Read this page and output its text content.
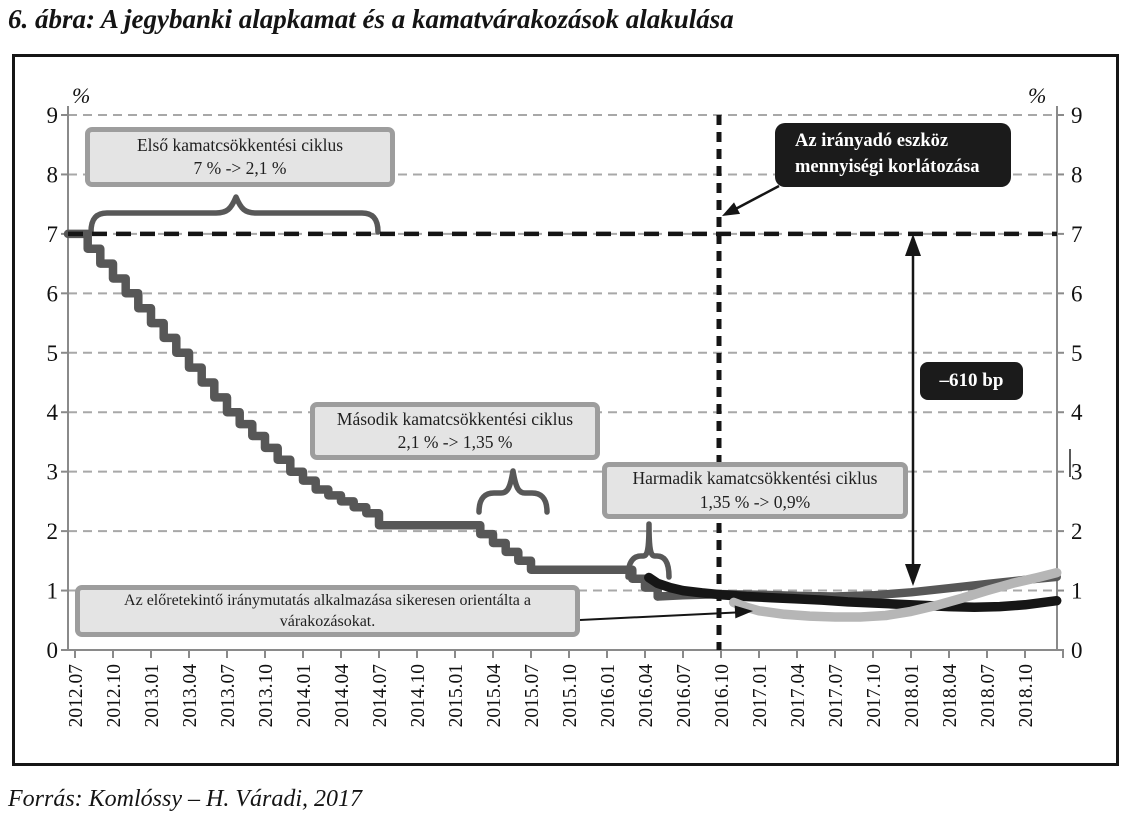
6. ábra: A jegybanki alapkamat és a kamatvárakozások alakulása
0	0
1	1
2	2
3	3
4	4
5	5
6	6
7	7
8	8
9	9
2012.07 2012.10 2013.01 2013.04 2013.07 2013.10 2014.01 2014.04 2014.07 2014.10 2015.01 2015.04 2015.07 2015.10 2016.01 2016.04 2016.07 2016.10 2017.01 2017.04 2017.07 2017.10 2018.01 2018.04 2018.07 2018.10
%	%
Első kamatcsökkentési ciklus
7 % -> 2,1 %
Második kamatcsökkentési ciklus
2,1 % -> 1,35 %
Harmadik kamatcsökkentési ciklus
1,35 % -> 0,9%
Az előretekintő iránymutatás alkalmazása sikeresen orientálta a
várakozásokat.
Az irányadó eszköz
mennyiségi korlátozása
–610 bp
Forrás: Komlóssy – H. Váradi, 2017
